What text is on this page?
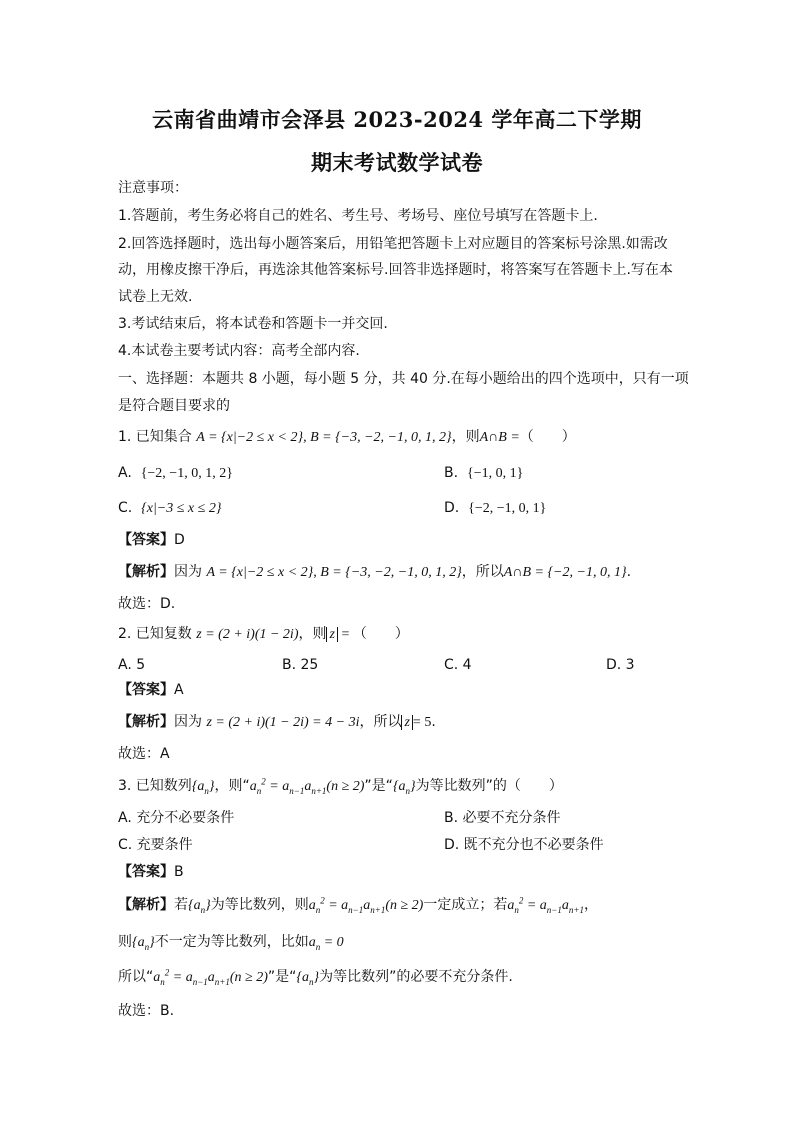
云南省曲靖市会泽县 2023-2024 学年高二下学期
期末考试数学试卷
注意事项：
1.答题前，考生务必将自己的姓名、考生号、考场号、座位号填写在答题卡上.
2.回答选择题时，选出每小题答案后，用铅笔把答题卡上对应题目的答案标号涂黑.如需改
动，用橡皮擦干净后，再选涂其他答案标号.回答非选择题时，将答案写在答题卡上.写在本
试卷上无效.
3.考试结束后，将本试卷和答题卡一并交回.
4.本试卷主要考试内容：高考全部内容.
一、选择题：本题共 8 小题，每小题 5 分，共 40 分.在每小题给出的四个选项中，只有一项
是符合题目要求的
1. 已知集合 A = {x|−2 ≤ x < 2}, B = {−3, −2, −1, 0, 1, 2}，则A∩B =（　　）
A. {−2, −1, 0, 1, 2}	B. {−1, 0, 1}
C. {x|−3 ≤ x ≤ 2}	D. {−2, −1, 0, 1}
【答案】D
【解析】因为 A = {x|−2 ≤ x < 2}, B = {−3, −2, −1, 0, 1, 2}，所以A∩B = {−2, −1, 0, 1}.
故选：D.
2. 已知复数 z = (2 + i)(1 − 2i)，则 z = （　　）
A. 5	B. 25	C. 4	D. 3
【答案】A
【解析】因为 z = (2 + i)(1 − 2i) = 4 − 3i，所以 z = 5.
故选：A
3. 已知数列$\{a_n\}$，则“$a_n^2 = a_{n-1}a_{n+1}(n \ge 2)$”是“$\{a_n\}$为等比数列”的（　　）
A. 充分不必要条件	B. 必要不充分条件
C. 充要条件	D. 既不充分也不必要条件
【答案】B
【解析】若$\{a_n\}$为等比数列，则$a_n^2 = a_{n-1}a_{n+1}(n \ge 2)$一定成立；若$a_n^2 = a_{n-1}a_{n+1}$，
则$\{a_n\}$不一定为等比数列，比如$a_n = 0$
所以“$a_n^2 = a_{n-1}a_{n+1}(n \ge 2)$”是“$\{a_n\}$为等比数列”的必要不充分条件.
故选：B.
